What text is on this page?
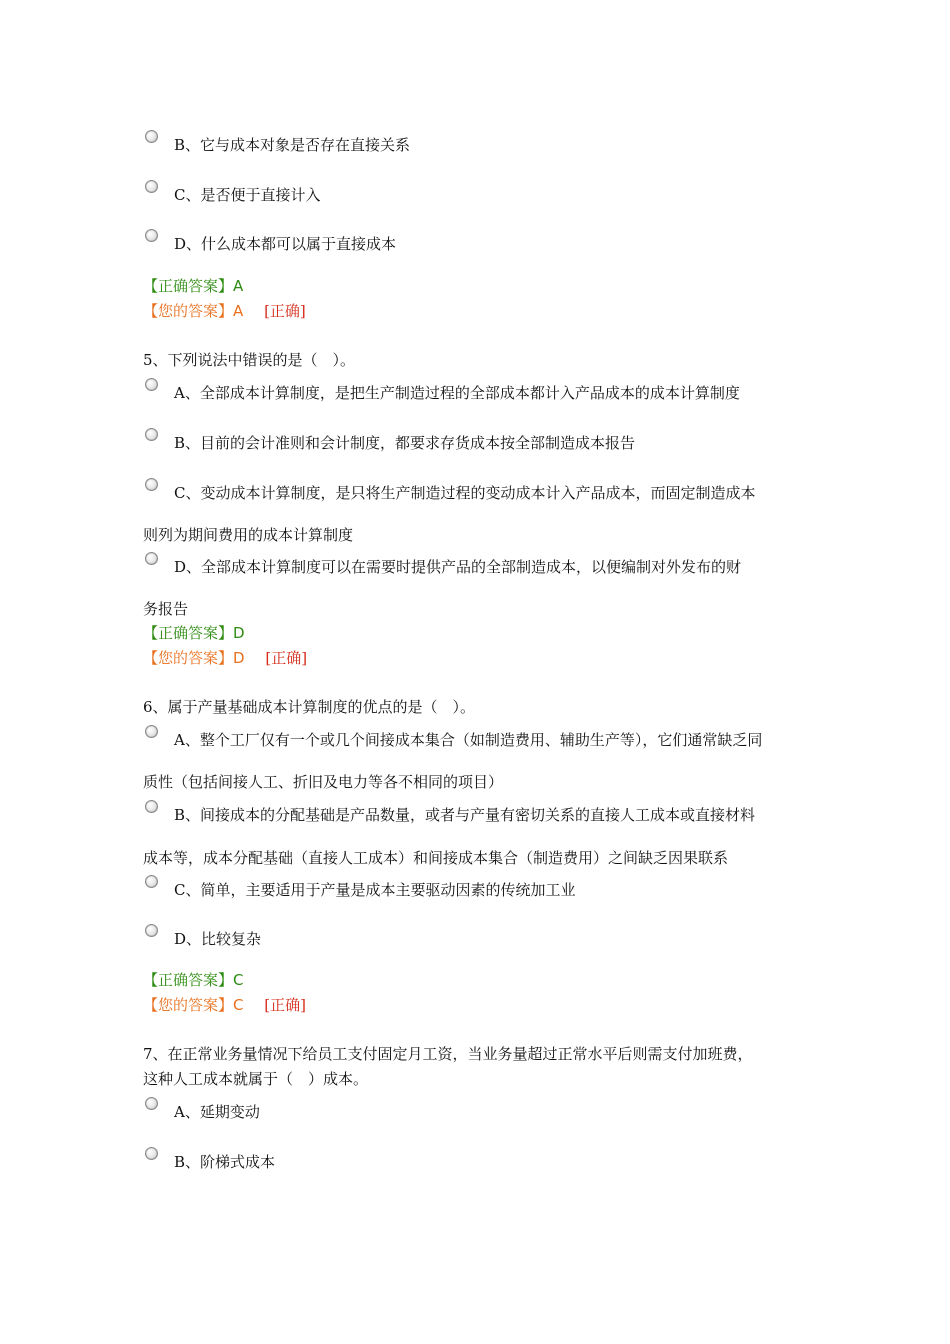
B、它与成本对象是否存在直接关系
C、是否便于直接计入
D、什么成本都可以属于直接成本
【正确答案】A
【您的答案】A [正确]
5、下列说法中错误的是（　）。
A、全部成本计算制度，是把生产制造过程的全部成本都计入产品成本的成本计算制度
B、目前的会计准则和会计制度，都要求存货成本按全部制造成本报告
C、变动成本计算制度，是只将生产制造过程的变动成本计入产品成本，而固定制造成本
则列为期间费用的成本计算制度
D、全部成本计算制度可以在需要时提供产品的全部制造成本，以便编制对外发布的财
务报告
【正确答案】D
【您的答案】D [正确]
6、属于产量基础成本计算制度的优点的是（　）。
A、整个工厂仅有一个或几个间接成本集合（如制造费用、辅助生产等），它们通常缺乏同
质性（包括间接人工、折旧及电力等各不相同的项目）
B、间接成本的分配基础是产品数量，或者与产量有密切关系的直接人工成本或直接材料
成本等，成本分配基础（直接人工成本）和间接成本集合（制造费用）之间缺乏因果联系
C、简单，主要适用于产量是成本主要驱动因素的传统加工业
D、比较复杂
【正确答案】C
【您的答案】C [正确]
7、在正常业务量情况下给员工支付固定月工资，当业务量超过正常水平后则需支付加班费，
这种人工成本就属于（　）成本。
A、延期变动
B、阶梯式成本
